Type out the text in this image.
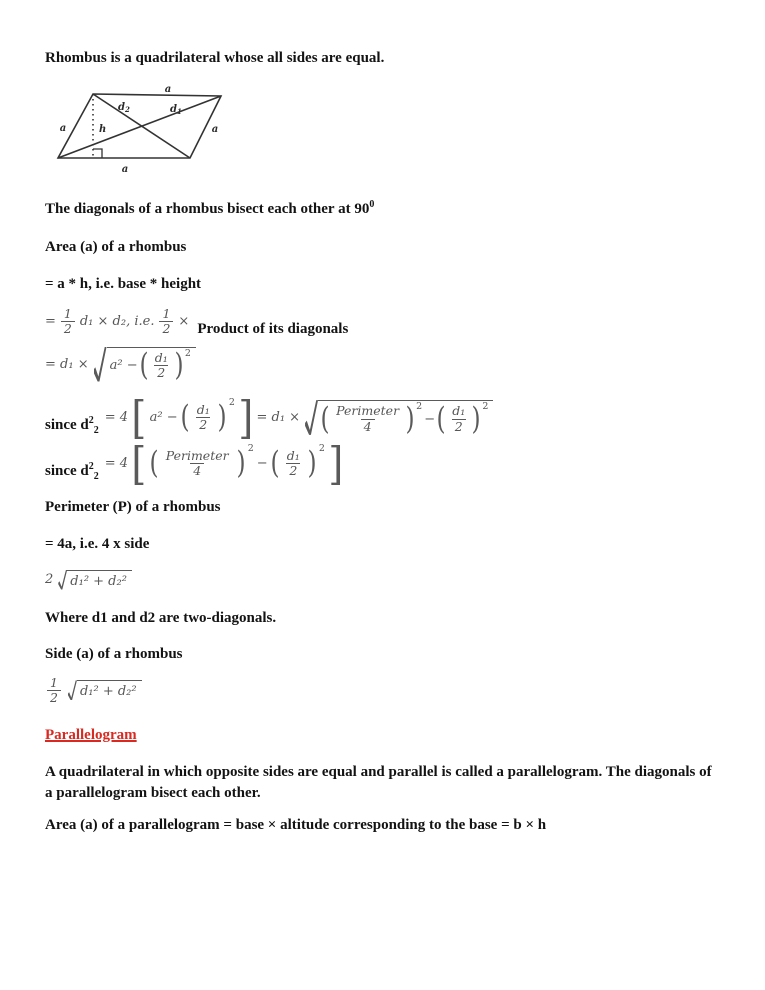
Rhombus is a quadrilateral whose all sides are equal.

a
a	a
a
$d_2$	$d_1$
h

The diagonals of a rhombus bisect each other at $90^0$

Area (a) of a rhombus

= a * h, i.e. base * height

= $\frac{1}{2} d_1 \times d_2$, i.e. $\frac{1}{2}$ × Product of its diagonals
= d₁ × a² − ( $\frac{\text{d₁}}{2}$ ) 2
since $d^2_2$
= 4 [ a² − ( $\frac{\text{d₁}}{2}$ ) 2 ] = d₁ × ( $\frac{\text{Perimeter}}{4}$ ) 2
− ( $\frac{\text{d₁}}{2}$ ) 2
since $d^2_2$
= 4 [ ( $\frac{\text{Perimeter}}{4}$ ) 2
− ( $\frac{\text{d₁}}{2}$ ) 2 ]

Perimeter (P) of a rhombus

= 4a, i.e. 4 x side

2 d₁² + d₂²

Where d1 and d2 are two-diagonals.

Side (a) of a rhombus

$\frac{1}{2} d_1^2 + d_2^2$

Parallelogram

A quadrilateral in which opposite sides are equal and parallel is called a parallelogram. The diagonals of a parallelogram bisect each other.

Area (a) of a parallelogram = base × altitude corresponding to the base = b × h
